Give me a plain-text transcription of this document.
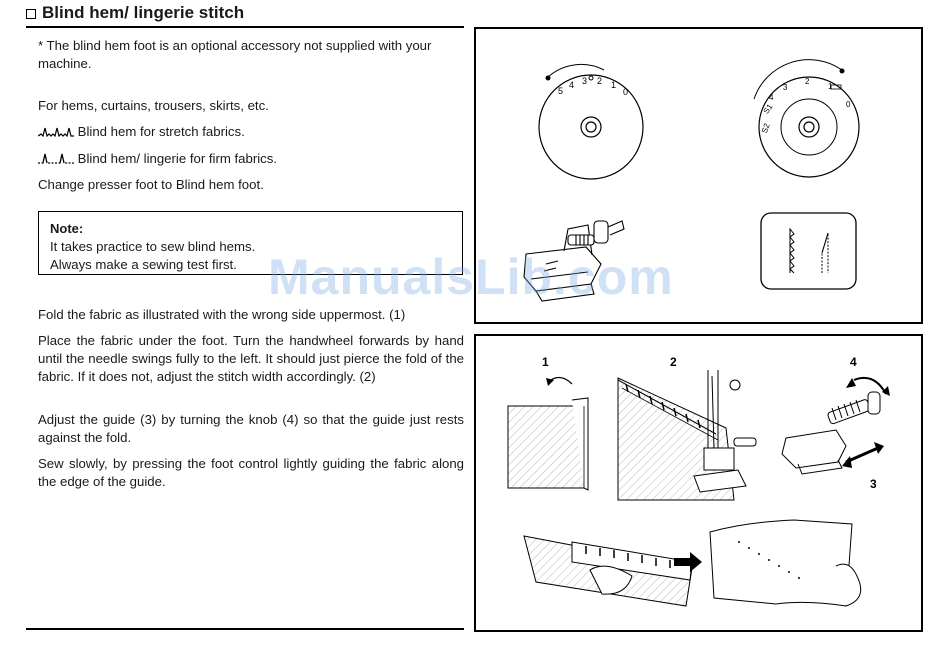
Blind hem/ lingerie stitch
* The blind hem foot is an optional accessory not supplied with your machine.
For hems, curtains, trousers, skirts, etc.
Blind hem for stretch fabrics.
Blind hem/ lingerie for firm fabrics.
Change presser foot to Blind hem foot.
Note:
It takes practice to sew blind hems.
Always make a sewing test first.
Fold the fabric as illustrated with the wrong side uppermost. (1)
Place the fabric under the foot. Turn the handwheel forwards by hand until the needle swings fully to the left. It should just pierce the fold of the fabric. If it does not, adjust the stitch width accordingly. (2)
Adjust the guide (3) by turning the knob (4) so that the guide just rests against the fold.
Sew slowly, by pressing the foot control lightly guiding the fabric along the edge of the guide.
5
4 3 2 1
0
S2
S1
4
3
2
1
0
1	2	4
3
ManualsLib.com
